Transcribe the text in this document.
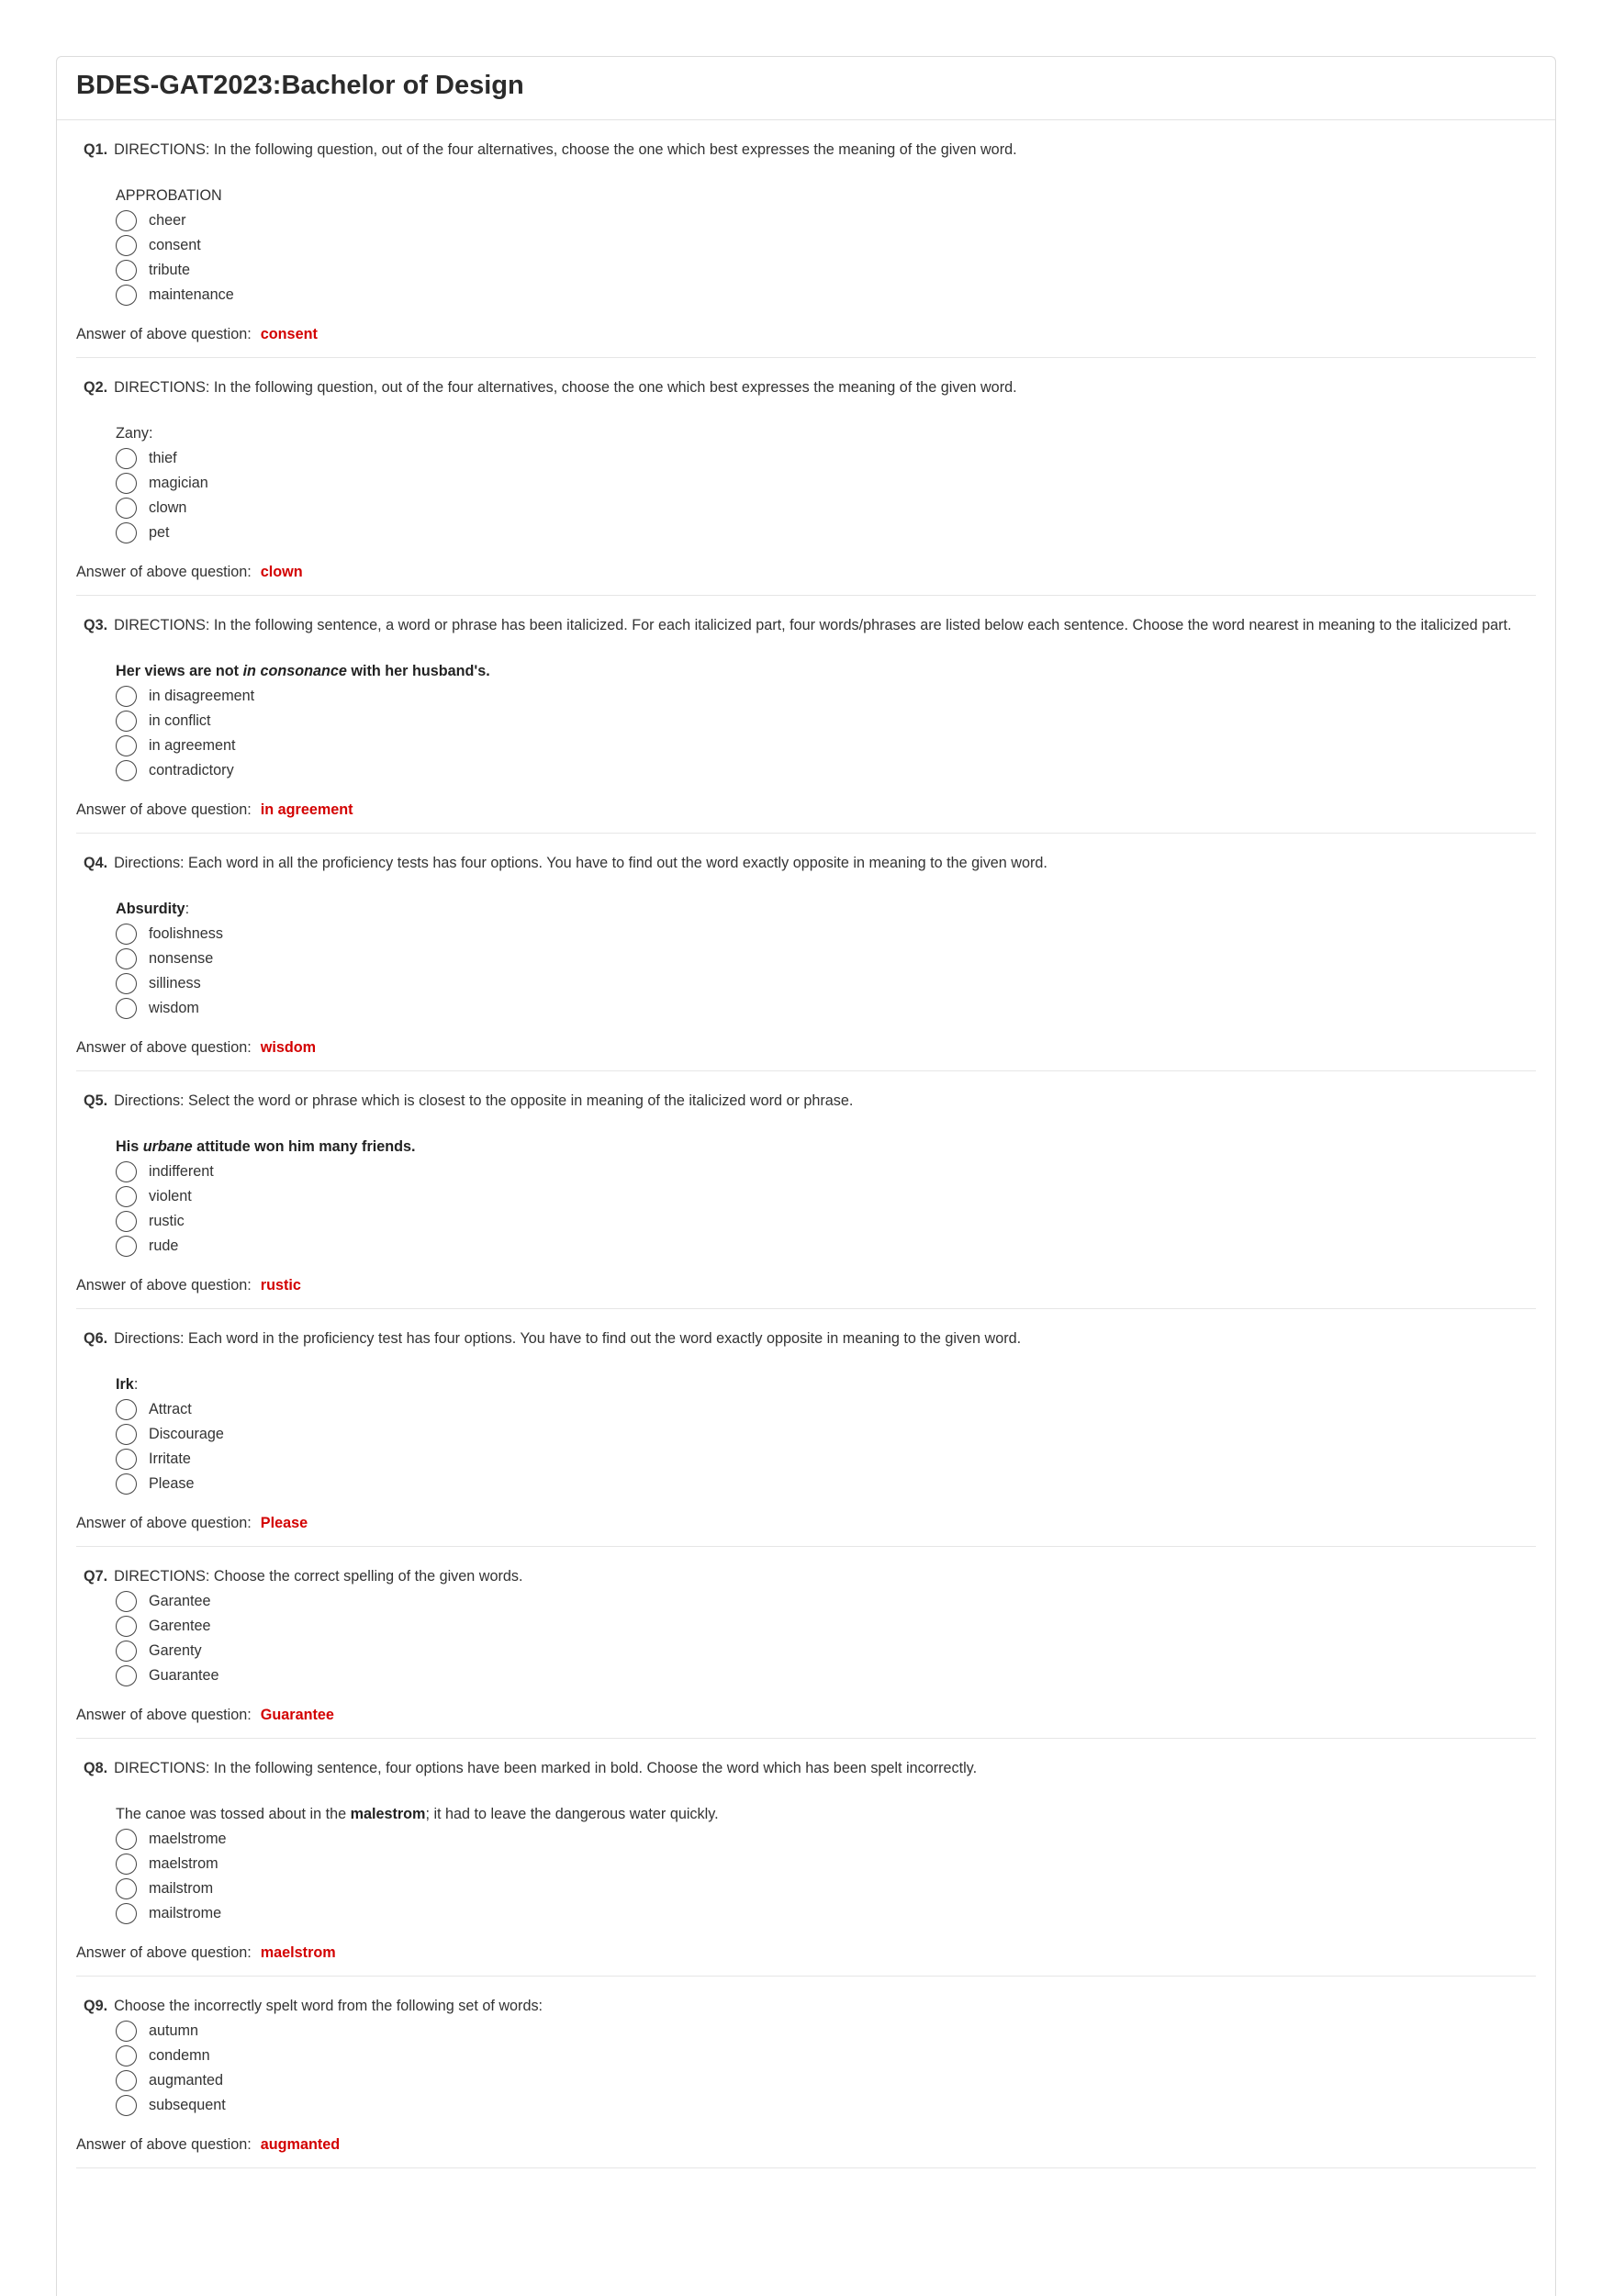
BDES-GAT2023:Bachelor of Design
Q1. DIRECTIONS: In the following question, out of the four alternatives, choose the one which best expresses the meaning of the given word.
APPROBATION
cheer
consent
tribute
maintenance
Answer of above question: consent
Q2. DIRECTIONS: In the following question, out of the four alternatives, choose the one which best expresses the meaning of the given word.
Zany:
thief
magician
clown
pet
Answer of above question: clown
Q3. DIRECTIONS: In the following sentence, a word or phrase has been italicized. For each italicized part, four words/phrases are listed below each sentence. Choose the word nearest in meaning to the italicized part.
Her views are not in consonance with her husband's.
in disagreement
in conflict
in agreement
contradictory
Answer of above question: in agreement
Q4. Directions: Each word in all the proficiency tests has four options. You have to find out the word exactly opposite in meaning to the given word.
Absurdity:
foolishness
nonsense
silliness
wisdom
Answer of above question: wisdom
Q5. Directions: Select the word or phrase which is closest to the opposite in meaning of the italicized word or phrase.
His urbane attitude won him many friends.
indifferent
violent
rustic
rude
Answer of above question: rustic
Q6. Directions: Each word in the proficiency test has four options. You have to find out the word exactly opposite in meaning to the given word.
Irk:
Attract
Discourage
Irritate
Please
Answer of above question: Please
Q7. DIRECTIONS: Choose the correct spelling of the given words.
Garantee
Garentee
Garenty
Guarantee
Answer of above question: Guarantee
Q8. DIRECTIONS: In the following sentence, four options have been marked in bold. Choose the word which has been spelt incorrectly.
The canoe was tossed about in the malestrom; it had to leave the dangerous water quickly.
maelstrome
maelstrom
mailstrom
mailstrome
Answer of above question: maelstrom
Q9. Choose the incorrectly spelt word from the following set of words:
autumn
condemn
augmanted
subsequent
Answer of above question: augmanted
